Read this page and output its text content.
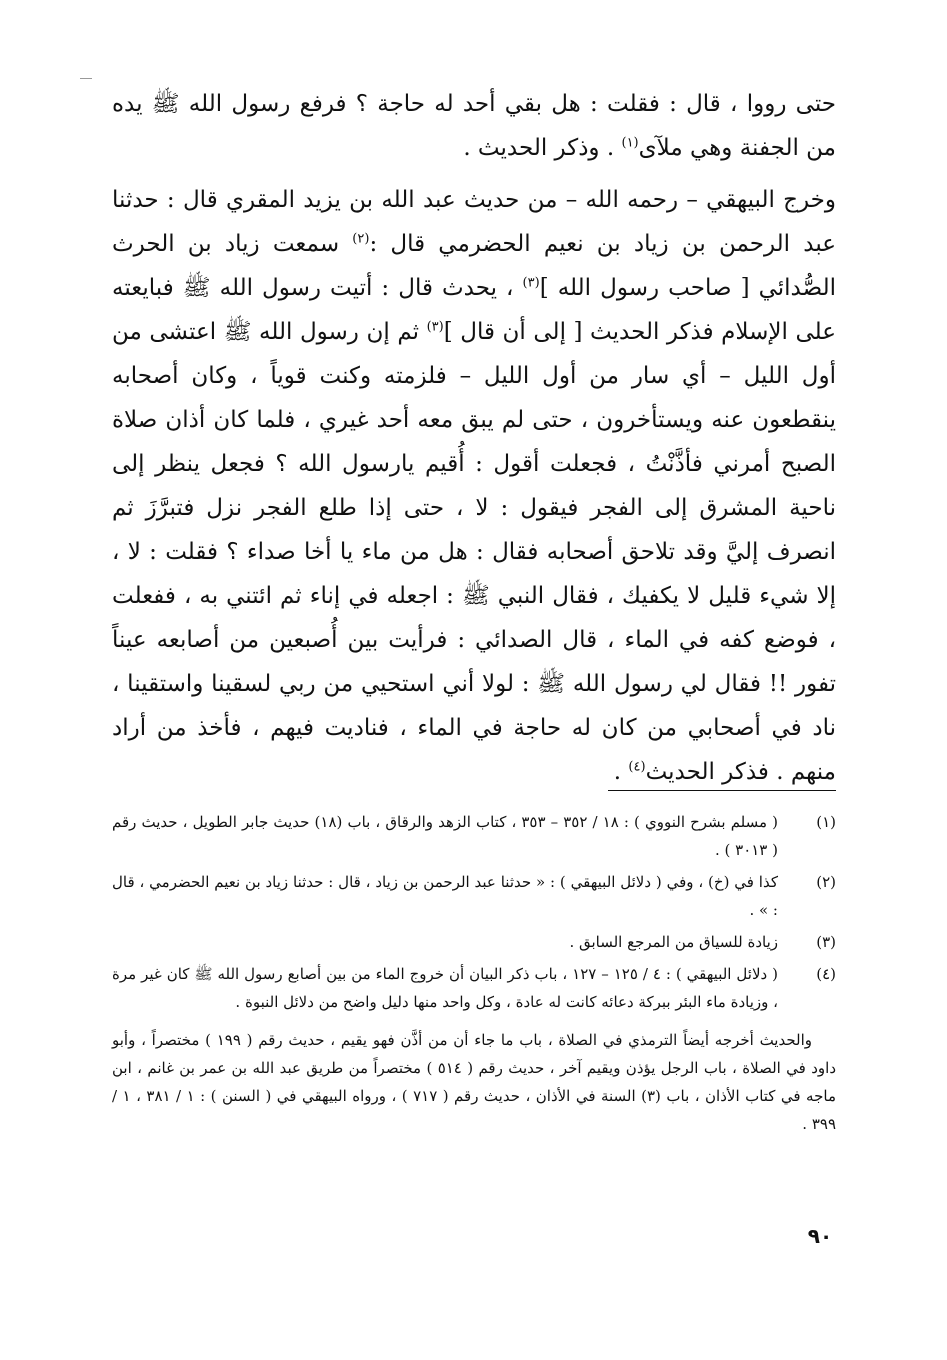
حتى رووا ، قال : فقلت : هل بقي أحد له حاجة ؟ فرفع رسول الله ﷺ يده من الجفنة وهي ملآى$^{(١)}$ . وذكر الحديث .

وخرج البيهقي – رحمه الله – من حديث عبد الله بن يزيد المقري قال : حدثنا عبد الرحمن بن زياد بن نعيم الحضرمي قال :$^{(٢)}$ سمعت زياد بن الحرث الصُّدائي [ صاحب رسول الله ]$^{(٣)}$ ، يحدث قال : أتيت رسول الله ﷺ فبايعته على الإسلام فذكر الحديث [ إلى أن قال ]$^{(٣)}$ ثم إن رسول الله ﷺ اعتشى من أول الليل – أي سار من أول الليل – فلزمته وكنت قوياً ، وكان أصحابه ينقطعون عنه ويستأخرون ، حتى لم يبق معه أحد غيري ، فلما كان أذان صلاة الصبح أمرني فأذَّنْتُ ، فجعلت أقول : أُقيم يارسول الله ؟ فجعل ينظر إلى ناحية المشرق إلى الفجر فيقول : لا ، حتى إذا طلع الفجر نزل فتبرَّزَ ثم انصرف إليَّ وقد تلاحق أصحابه فقال : هل من ماء يا أخا صداء ؟ فقلت : لا ، إلا شيء قليل لا يكفيك ، فقال النبي ﷺ : اجعله في إناء ثم ائتني به ، ففعلت ، فوضع كفه في الماء ، قال الصدائي : فرأيت بين أُصبعين من أصابعه عيناً تفور !! فقال لي رسول الله ﷺ : لولا أني استحيي من ربي لسقينا واستقينا ، ناد في أصحابي من كان له حاجة في الماء ، فناديت فيهم ، فأخذ من أراد منهم . فذكر الحديث$^{(٤)}$ .

(١)
( مسلم بشرح النووي ) : ١٨ / ٣٥٢ – ٣٥٣ ، كتاب الزهد والرقاق ، باب (١٨) حديث جابر الطويل ، حديث رقم ( ٣٠١٣ ) .
(٢)
كذا في (خ) ، وفي ( دلائل البيهقي ) : « حدثنا عبد الرحمن بن زياد ، قال : حدثنا زياد بن نعيم الحضرمي ، قال : » .
(٣)
زيادة للسياق من المرجع السابق .
(٤)
( دلائل البيهقي ) : ٤ / ١٢٥ – ١٢٧ ، باب ذكر البيان أن خروج الماء من بين أصابع رسول الله ﷺ كان غير مرة ، وزيادة ماء البئر ببركة دعائه كانت له عادة ، وكل واحد منها دليل واضح من دلائل النبوة .
والحديث أخرجه أيضاً الترمذي في الصلاة ، باب ما جاء أن من أذَّن فهو يقيم ، حديث رقم ( ١٩٩ ) مختصراً ، وأبو داود في الصلاة ، باب الرجل يؤذن ويقيم آخر ، حديث رقم ( ٥١٤ ) مختصراً من طريق عبد الله بن عمر بن غانم ، ابن ماجه في كتاب الأذان ، باب (٣) السنة في الأذان ، حديث رقم ( ٧١٧ ) ، ورواه البيهقي في ( السنن ) : ١ / ٣٨١ ، ١ / ٣٩٩ .
٩٠
